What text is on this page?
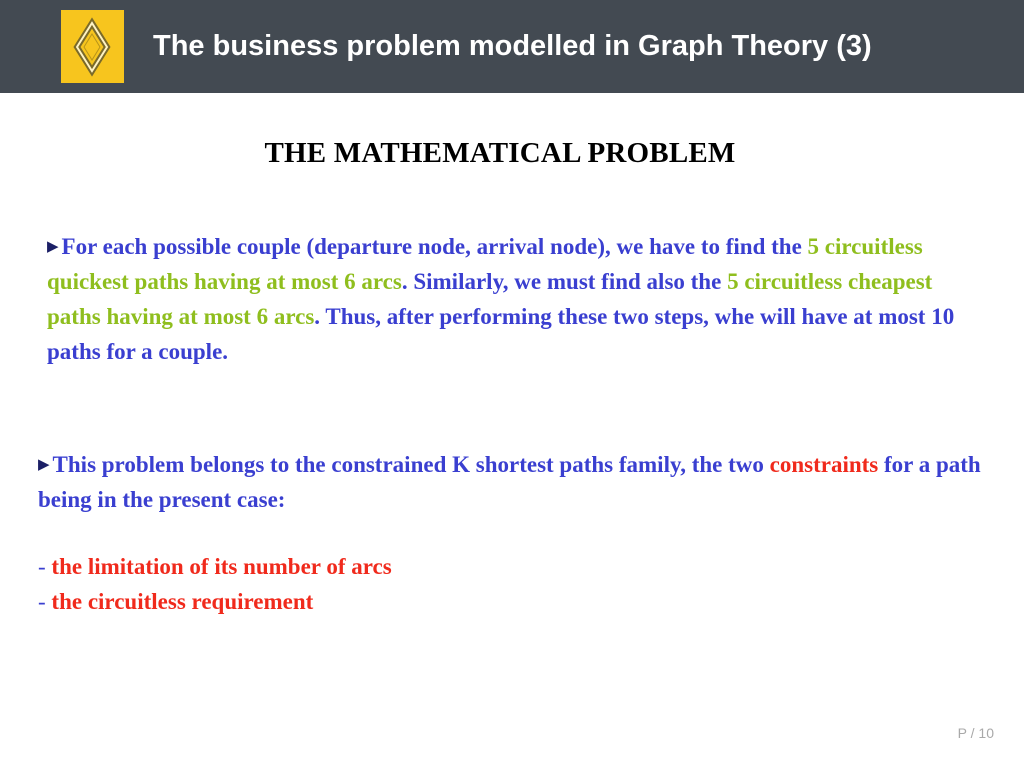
The business problem modelled in Graph Theory (3)
THE MATHEMATICAL PROBLEM
▶ For each possible couple (departure node, arrival node), we have to find the 5 circuitless quickest paths having at most 6 arcs. Similarly, we must find also the 5 circuitless cheapest paths having at most 6 arcs. Thus, after performing these two steps, whe will have at most 10 paths for a couple.
▶ This problem belongs to the constrained K shortest paths family, the two constraints for a path being in the present case:
- the limitation of its number of arcs
- the circuitless requirement
P / 10
